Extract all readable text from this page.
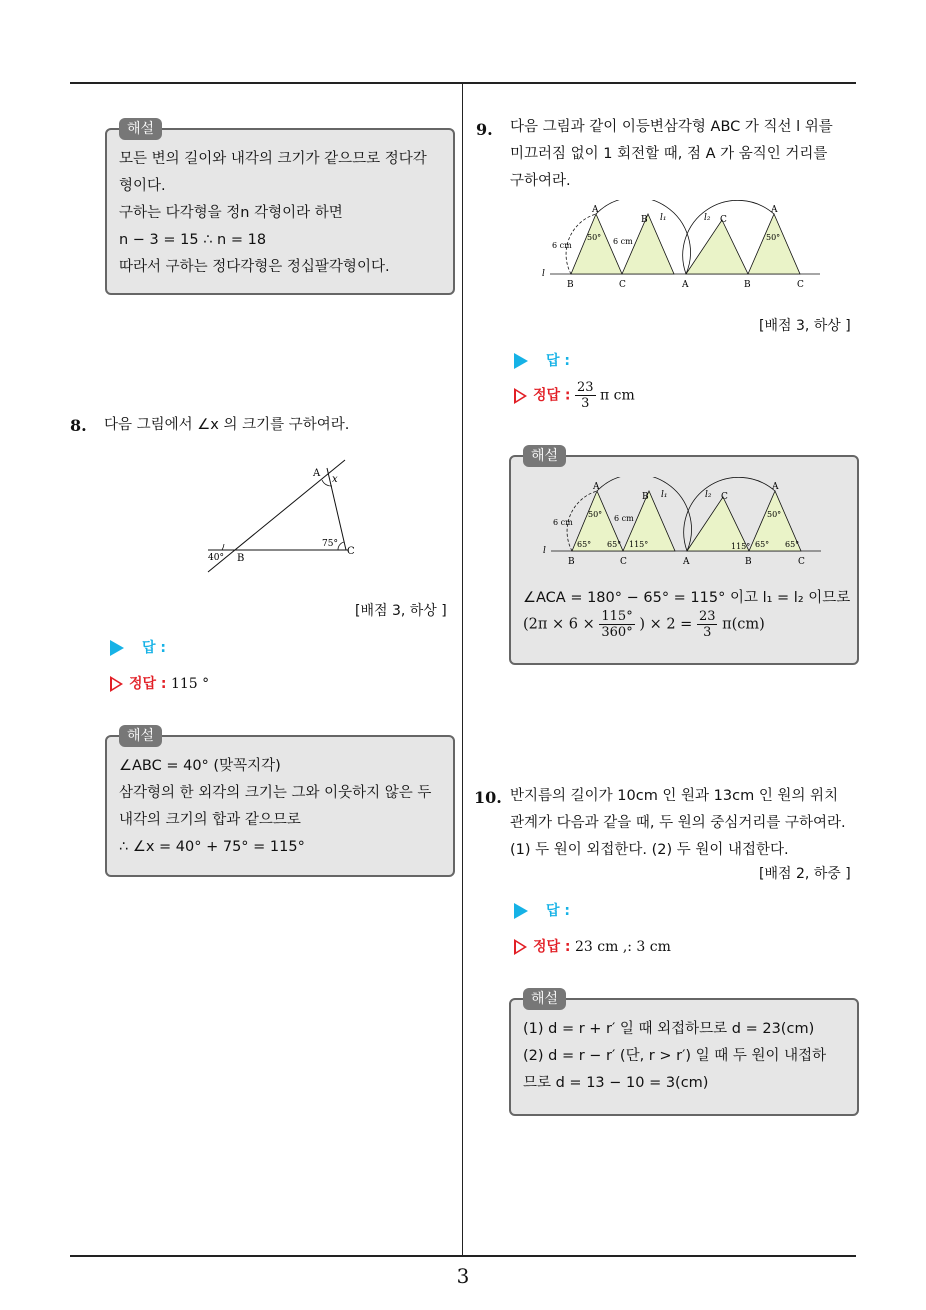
3
해설
모든 변의 길이와 내각의 크기가 같으므로 정다각
형이다.
구하는 다각형을 정n 각형이라 하면
n − 3 = 15 ∴ n = 18
따라서 구하는 정다각형은 정십팔각형이다.
8. 다음 그림에서 ∠x 의 크기를 구하여라.
A
x
B
C
40°
75°
[배점 3, 하상 ]
답 :
정답 : 115 °
해설
∠ABC = 40° (맞꼭지각)
삼각형의 한 외각의 크기는 그와 이웃하지 않은 두
내각의 크기의 합과 같으므로
∴ ∠x = 40° + 75° = 115°
9. 다음 그림과 같이 이등변삼각형 ABC 가 직선 l 위를
미끄러짐 없이 1 회전할 때, 점 A 가 움직인 거리를
구하여라.
A
B l₁	l₂ C
A
6 cm	6 cm
50°	50°
l
B	C	A	B	C
[배점 3, 하상 ]
답 :
정답 : $\frac{23}{3}$ π cm
해설
A
B l₁	l₂ C
A
6 cm	6 cm
50°	50°
65° 65° 115°	115° 65° 65°
l
B	C	A	B	C
∠ACA = 180° − 65° = 115° 이고 l₁ = l₂ 이므로
($2\pi \times 6 \times \frac{115^\circ}{360^\circ}$ ) × $2 = \frac{23}{3} \pi(cm)$
10. 반지름의 길이가 10cm 인 원과 13cm 인 원의 위치
관계가 다음과 같을 때, 두 원의 중심거리를 구하여라.
(1) 두 원이 외접한다. (2) 두 원이 내접한다.
[배점 2, 하중 ]
답 :
정답 : 23 cm ,: 3 cm
해설
(1) d = r + r′ 일 때 외접하므로 d = 23(cm)
(2) d = r − r′ (단, r > r′) 일 때 두 원이 내접하
므로 d = 13 − 10 = 3(cm)
